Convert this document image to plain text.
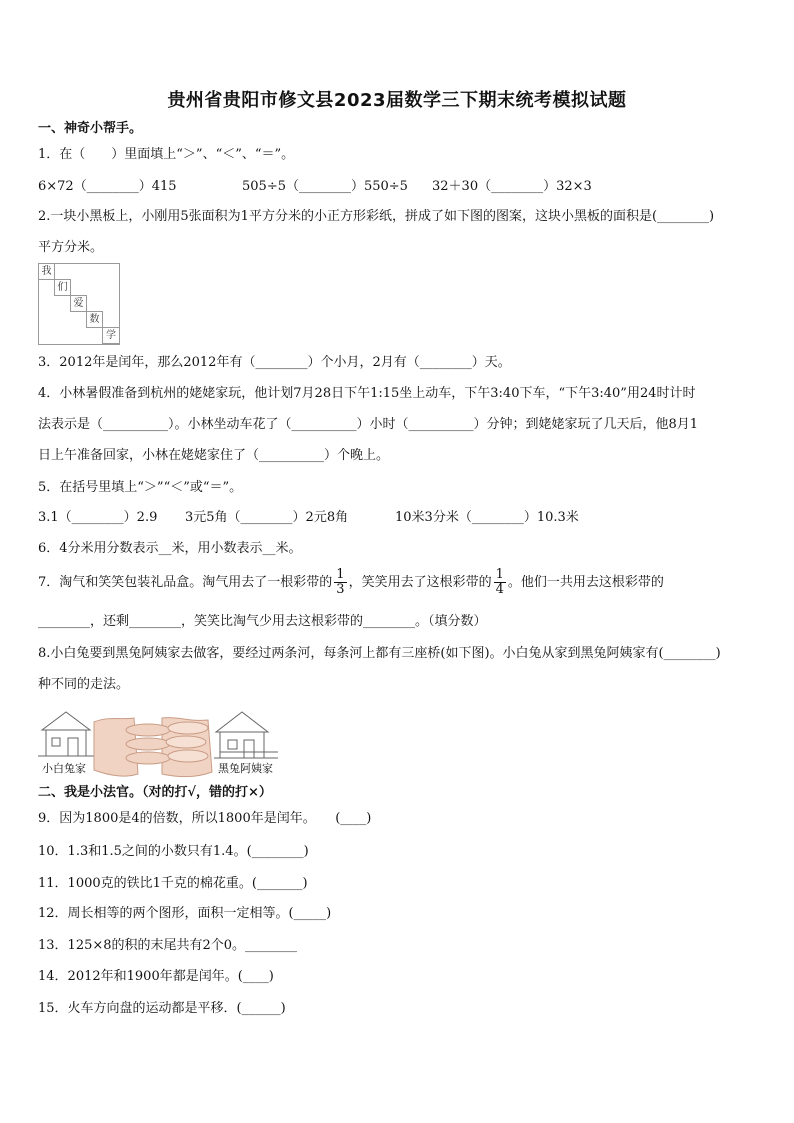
贵州省贵阳市修文县2023届数学三下期末统考模拟试题
一、神奇小帮手。
1．在（　　）里面填上“＞”、“＜”、“＝”。
6×72（________）415	505÷5（________）550÷5 32＋30（________）32×3
2.一块小黑板上，小刚用5张面积为1平方分米的小正方形彩纸，拼成了如下图的图案，这块小黑板的面积是(________)
平方分米。
我
们
爱
数
学
3．2012年是闰年，那么2012年有（________）个小月，2月有（________）天。
4．小林暑假准备到杭州的姥姥家玩，他计划7月28日下午1:15坐上动车，下午3:40下车，“下午3:40”用24时计时
法表示是（__________）。小林坐动车花了（__________）小时（__________）分钟；到姥姥家玩了几天后，他8月1
日上午准备回家，小林在姥姥家住了（__________）个晚上。
5．在括号里填上“＞”“＜”或“＝”。
3.1（________）2.9 3元5角（________）2元8角	10米3分米（________）10.3米
6．4分米用分数表示__米，用小数表示__米。
7．淘气和笑笑包装礼品盒。淘气用去了一根彩带的 $\frac{1}{3}$ ，笑笑用去了这根彩带的 $\frac{1}{4}$ 。他们一共用去这根彩带的
________，还剩________，笑笑比淘气少用去这根彩带的________。（填分数）
8.小白兔要到黑兔阿姨家去做客，要经过两条河，每条河上都有三座桥(如下图)。小白兔从家到黑兔阿姨家有(________)
种不同的走法。
小白兔家	黑兔阿姨家
二、我是小法官。（对的打√，错的打×）
9．因为1800是4的倍数，所以1800年是闰年。　　(____)
10．1.3和1.5之间的小数只有1.4。(________)
11．1000克的铁比1千克的棉花重。(_______)
12．周长相等的两个图形，面积一定相等。(_____)
13．125×8的积的末尾共有2个0。________
14．2012年和1900年都是闰年。(____)
15．火车方向盘的运动都是平移．(______)
